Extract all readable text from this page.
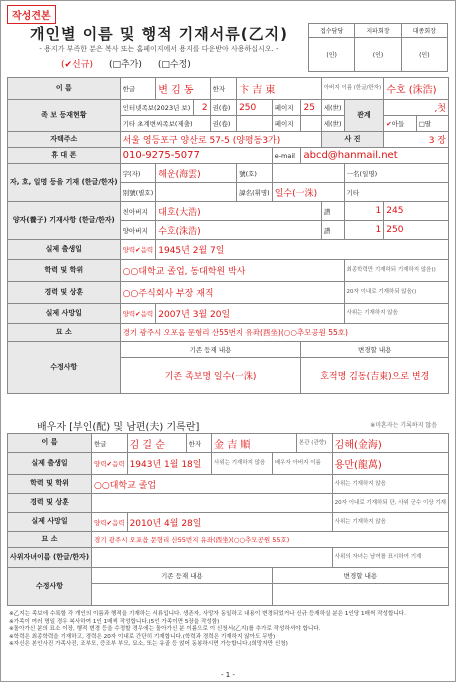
작성견본
개인별 이름 및 행적 기재서류(乙지)
- 용지가 부족한 분은 복사 또는 홈페이지에서 용지를 다운받아 사용하십시오. -
(✔신규) (□추가) (□수정)
접수담당	지파회장	대종회장
(인)	(인)	(인)
이 름	한글	변 김 동		한자	卞 吉 東			아버지 이름 (한글/한자)		수호 (洙浩)	
족 보 등재현황	인터넷족보(2023년 보)		2	권(卷)	250	페이지	25	세(世)	관계	,첫	
	기타 초계변씨족보(제출)			권(卷)		페이지		세(世)		✔아들	□딸
자택주소	서울 영등포구 양산로 57-5 (양평동3가)							사 진		3 장	
휴 대 폰	010-9275-5077					e-mail	abcd@hanmail.net				
자, 호, 일명 등을 기재 (한글/한자)	字(자)	해운(海雲)			號(호)				一名(일명)		
	別號(별호)				諱名(휘명)	일수(一洙)			기타		
양자(養子) 기재사항 (한글/한자)	친아버지	대호(大浩)						譜	1	245	
	양아버지	수호(洙浩)						譜	1	250	
실제 출생일	양력✔음력	1945년 2월 7일									
학력 및 학위	○○대학교 졸업, 동대학원 박사								최종학력만 기재하되 기재하지 않음()		
경력 및 상훈	○○주식회사 부장 재직								20자 이내로 기재하되 않음()		
실제 사망일	양력✔음력	2007년 3월 20일							사위는 기재하지 않음		
묘 소	경기 광주시 오포읍 문형리 산55번지 유좌(酉坐)(○○추모공원 55호)										
수정사항	기존 등재 내용						변경할 내용				
	기존 족보명 일수(一洙)						호적명 김동(吉東)으로 변경				
배우자 [부인(配) 및 남편(夫) 기록란]	※미혼자는 기록하지 않음
이 름	한글	김 길 순	한자	金 吉 順		본관 (관향)	김해(金海)
실제 출생일	양력✔음력	1943년 1월 18일		사위는 기재하지 않음	배우자 아버지 이름		용만(龍萬)
학력 및 학위	○○대학교 졸업						사위는 기재하지 않음
경력 및 상훈							20자 이내로 기재하되 단, 사위 군수 이상 기재
실제 사망일	양력✔음력	2010년 4월 28일					사위는 기재하지 않음
묘 소	경기 광주시 오포읍 문형리 산55번지 유좌(酉坐)(○○추모공원 55호)						
사위자녀이름 (한글/한자)							사위의 자녀는 남여를 표시하여 기재
수정사항	기존 등재 내용				변경할 내용		

※乙지는 족보에 수록할 각 개인의 이름과 행적을 기재하는 서류입니다. 생존자, 사망자 동일하고 내용이 변경되었거나 신규 등재하실 분은 1인당 1매씩 작성합니다.
※가족이 여러 명일 경우 복사하여 1인 1매씩 작성합니다.(5인 가족이면 5장을 작성함)
※돌아가신 분의 묘소 이장, 행적 변경 등을 수정할 경우에는 돌아가신 분 이름으로 이 신청서(乙지)를 추가로 작성하셔야 합니다.
※학력은 최종학력을 기재하고, 경력은 20자 이내로 간단히 기재합니다.(학력과 경력은 기재하지 않아도 무방)
※자신은 본인사진 가족사진, 조부모, 증조부 부모, 묘소, 또는 유골 등 얹어 동봉하시면 가능합니다.(희망자만 신청)
- 1 -
